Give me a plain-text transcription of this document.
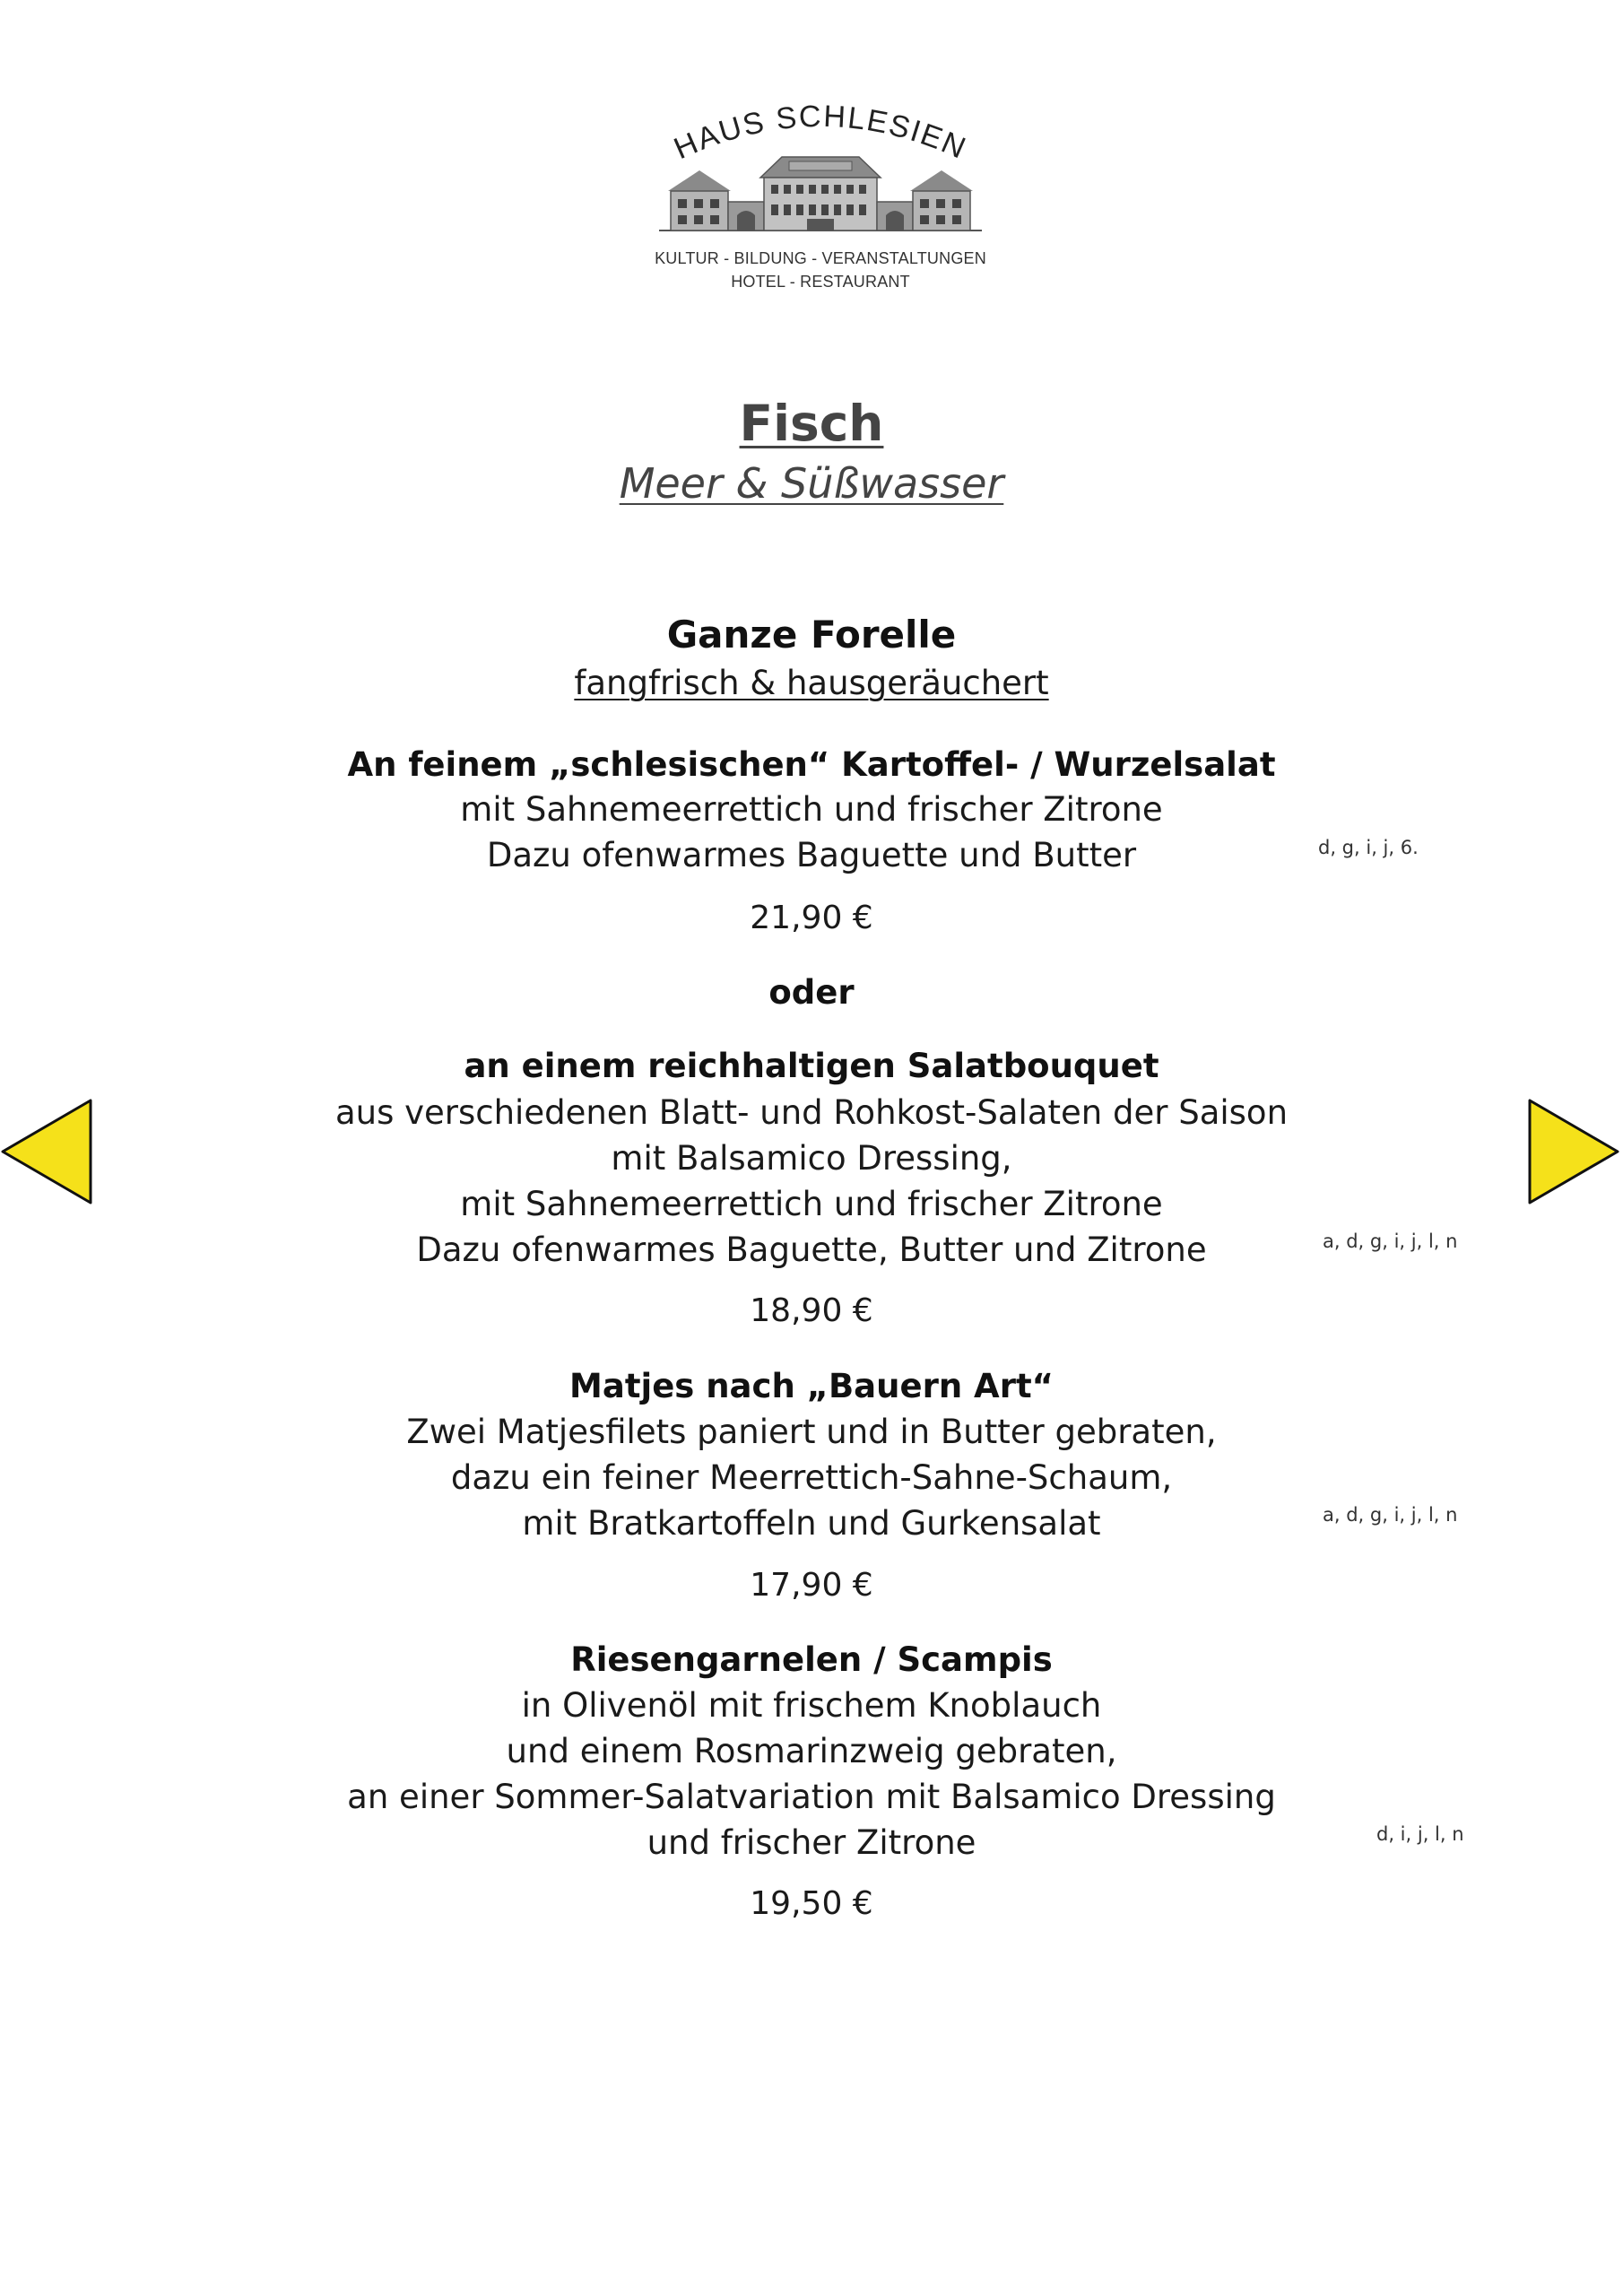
HAUS SCHLESIEN
KULTUR - BILDUNG - VERANSTALTUNGEN
HOTEL - RESTAURANT
Fisch
Meer & Süßwasser
Ganze Forelle
fangfrisch & hausgeräuchert
An feinem „schlesischen“ Kartoffel- / Wurzelsalat
mit Sahnemeerrettich und frischer Zitrone
Dazu ofenwarmes Baguette und Butter	d, g, i, j, 6.
21,90 €
oder
an einem reichhaltigen Salatbouquet
aus verschiedenen Blatt- und Rohkost-Salaten der Saison
mit Balsamico Dressing,
mit Sahnemeerrettich und frischer Zitrone
Dazu ofenwarmes Baguette, Butter und Zitrone	a, d, g, i, j, l, n
18,90 €
Matjes nach „Bauern Art“
Zwei Matjesfilets paniert und in Butter gebraten,
dazu ein feiner Meerrettich-Sahne-Schaum,
mit Bratkartoffeln und Gurkensalat	a, d, g, i, j, l, n
17,90 €
Riesengarnelen / Scampis
in Olivenöl mit frischem Knoblauch
und einem Rosmarinzweig gebraten,
an einer Sommer-Salatvariation mit Balsamico Dressing
und frischer Zitrone	d, i, j, l, n
19,50 €
